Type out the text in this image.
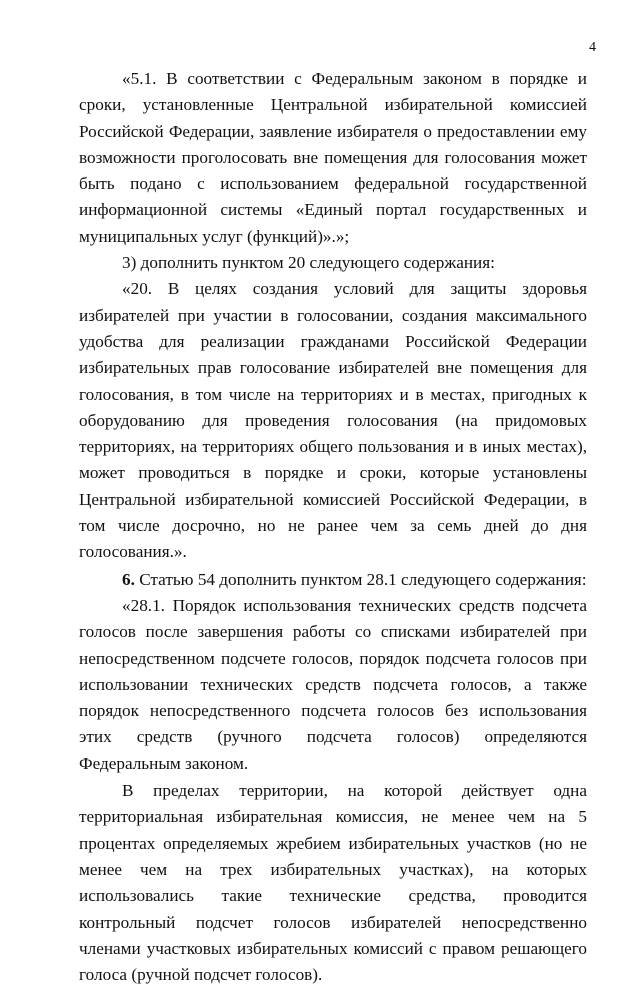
4

«5.1. В соответствии с Федеральным законом в порядке и сроки, установленные Центральной избирательной комиссией Российской Федерации, заявление избирателя о предоставлении ему возможности проголосовать вне помещения для голосования может быть подано с использованием федеральной государственной информационной системы «Единый портал государственных и муниципальных услуг (функций)».»;

3) дополнить пунктом 20 следующего содержания:

«20. В целях создания условий для защиты здоровья избирателей при участии в голосовании, создания максимального удобства для реализации гражданами Российской Федерации избирательных прав голосование избирателей вне помещения для голосования, в том числе на территориях и в местах, пригодных к оборудованию для проведения голосования (на придомовых территориях, на территориях общего пользования и в иных местах), может проводиться в порядке и сроки, которые установлены Центральной избирательной комиссией Российской Федерации, в том числе досрочно, но не ранее чем за семь дней до дня голосования.».

6. Статью 54 дополнить пунктом 28.1 следующего содержания:

«28.1. Порядок использования технических средств подсчета голосов после завершения работы со списками избирателей при непосредственном подсчете голосов, порядок подсчета голосов при использовании технических средств подсчета голосов, а также порядок непосредственного подсчета голосов без использования этих средств (ручного подсчета голосов) определяются Федеральным законом.

В пределах территории, на которой действует одна территориальная избирательная комиссия, не менее чем на 5 процентах определяемых жребием избирательных участков (но не менее чем на трех избирательных участках), на которых использовались такие технические средства, проводится контрольный подсчет голосов избирателей непосредственно членами участковых избирательных комиссий с правом решающего голоса (ручной подсчет голосов).
